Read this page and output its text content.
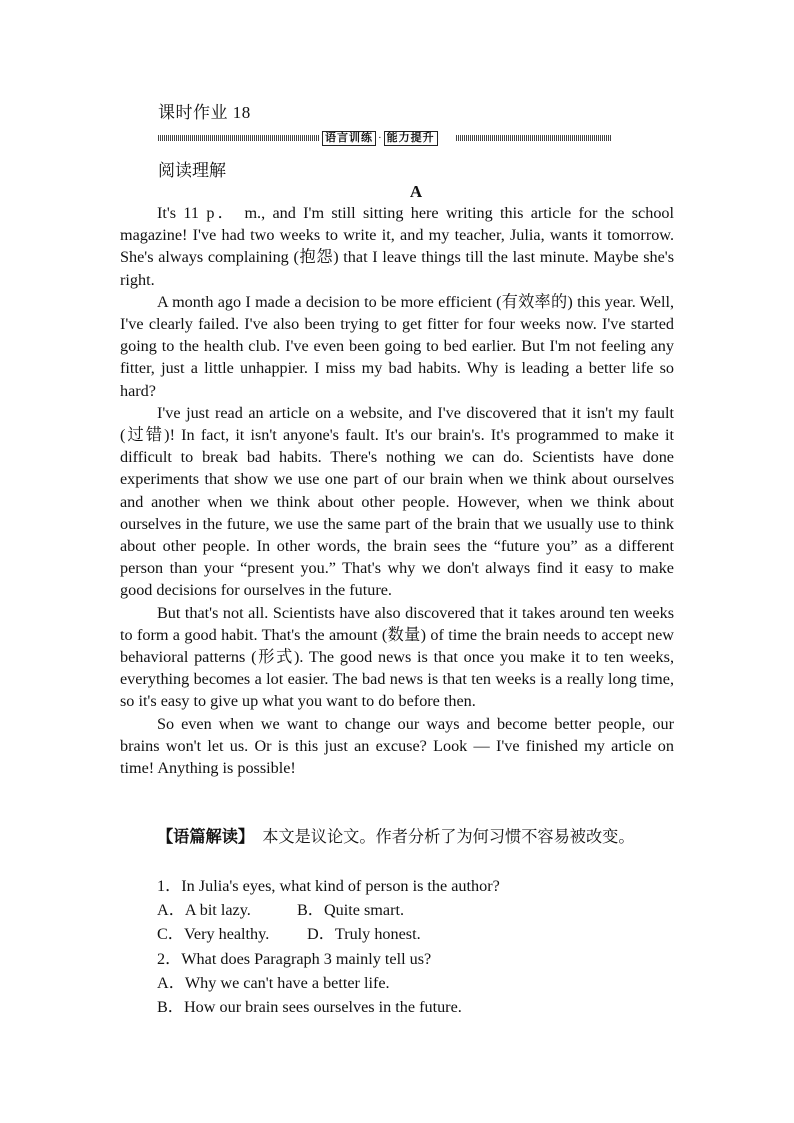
课时作业 18
语言训练 · 能力提升
阅读理解
A

It's 11 p． m., and I'm still sitting here writing this article for the school magazine! I've had two weeks to write it, and my teacher, Julia, wants it tomorrow. She's always complaining (抱怨) that I leave things till the last minute. Maybe she's right.

A month ago I made a decision to be more efficient (有效率的) this year. Well, I've clearly failed. I've also been trying to get fitter for four weeks now. I've started going to the health club. I've even been going to bed earlier. But I'm not feeling any fitter, just a little unhappier. I miss my bad habits. Why is leading a better life so hard?

I've just read an article on a website, and I've discovered that it isn't my fault (过错)! In fact, it isn't anyone's fault. It's our brain's. It's programmed to make it difficult to break bad habits. There's nothing we can do. Scientists have done experiments that show we use one part of our brain when we think about ourselves and another when we think about other people. However, when we think about ourselves in the future, we use the same part of the brain that we usually use to think about other people. In other words, the brain sees the “future you” as a different person than your “present you.” That's why we don't always find it easy to make good decisions for ourselves in the future.

But that's not all. Scientists have also discovered that it takes around ten weeks to form a good habit. That's the amount (数量) of time the brain needs to accept new behavioral patterns (形式). The good news is that once you make it to ten weeks, everything becomes a lot easier. The bad news is that ten weeks is a really long time, so it's easy to give up what you want to do before then.

So even when we want to change our ways and become better people, our brains won't let us. Or is this just an excuse? Look — I've finished my article on time! Anything is possible!

【语篇解读】　本文是议论文。作者分析了为何习惯不容易被改变。
1．In Julia's eyes, what kind of person is the author?
A．A bit lazy.	B．Quite smart.
C．Very healthy.	D．Truly honest.
2．What does Paragraph 3 mainly tell us?
A．Why we can't have a better life.
B．How our brain sees ourselves in the future.
